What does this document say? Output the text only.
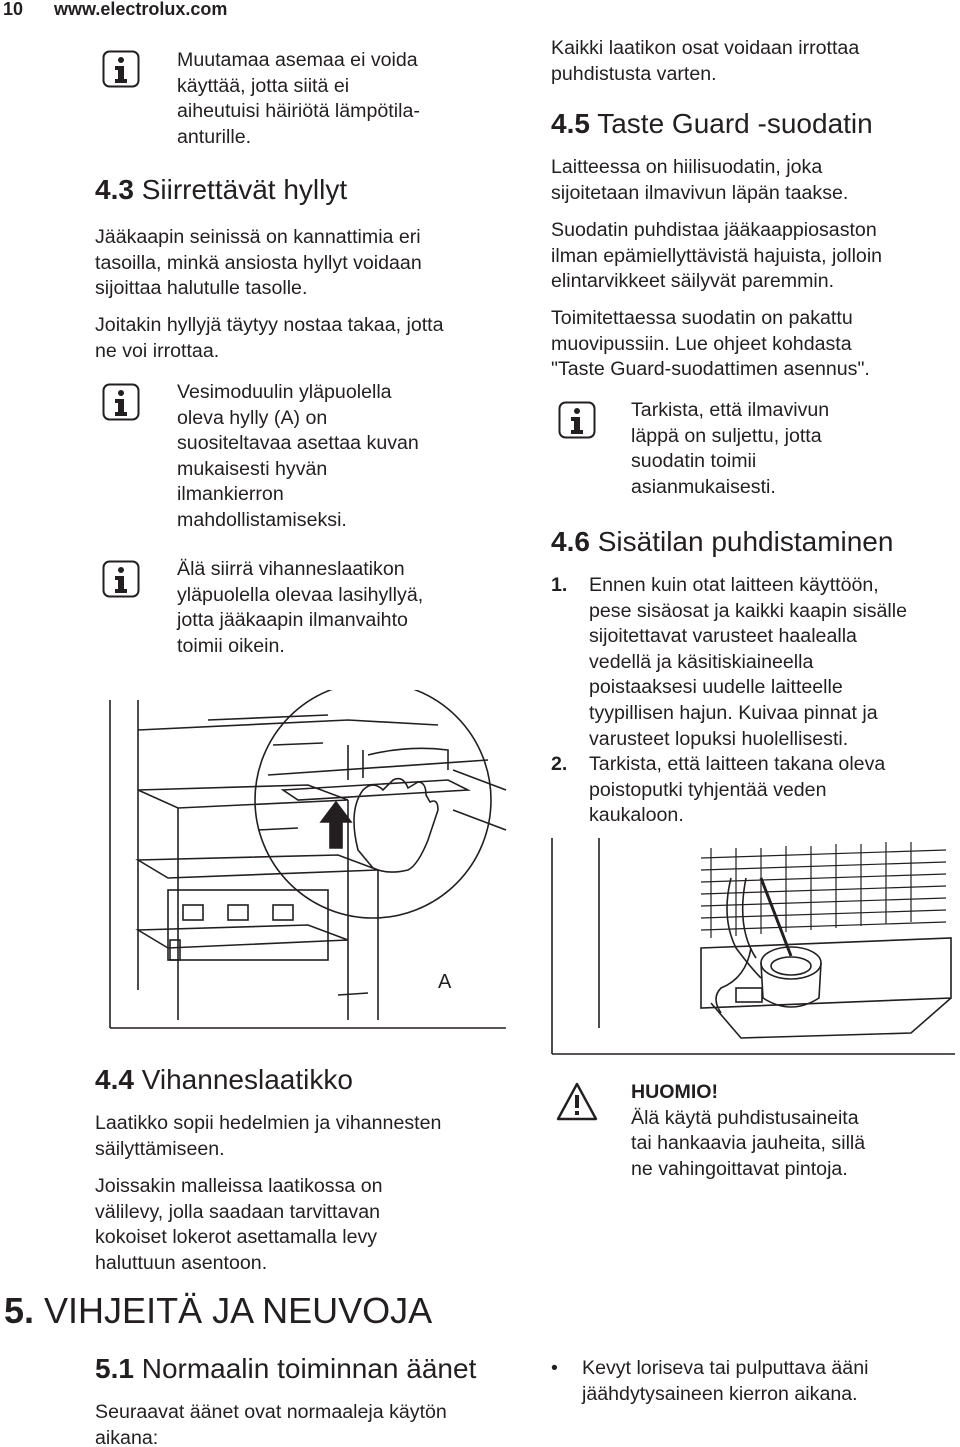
10 www.electrolux.com
Muutamaa asemaa ei voida
käyttää, jotta siitä ei
aiheutuisi häiriötä lämpötila-
anturille.
4.3 Siirrettävät hyllyt
Jääkaapin seinissä on kannattimia eri
tasoilla, minkä ansiosta hyllyt voidaan
sijoittaa halutulle tasolle.
Joitakin hyllyjä täytyy nostaa takaa, jotta
ne voi irrottaa.
Vesimoduulin yläpuolella
oleva hylly (A) on
suositeltavaa asettaa kuvan
mukaisesti hyvän
ilmankierron
mahdollistamiseksi.
Älä siirrä vihanneslaatikon
yläpuolella olevaa lasihyllyä,
jotta jääkaapin ilmanvaihto
toimii oikein.
A
4.4 Vihanneslaatikko
Laatikko sopii hedelmien ja vihannesten
säilyttämiseen.
Joissakin malleissa laatikossa on
välilevy, jolla saadaan tarvittavan
kokoiset lokerot asettamalla levy
haluttuun asentoon.
5. VIHJEITÄ JA NEUVOJA
5.1 Normaalin toiminnan äänet
Seuraavat äänet ovat normaaleja käytön
aikana:
Kaikki laatikon osat voidaan irrottaa
puhdistusta varten.
4.5 Taste Guard -suodatin
Laitteessa on hiilisuodatin, joka
sijoitetaan ilmavivun läpän taakse.
Suodatin puhdistaa jääkaappiosaston
ilman epämiellyttävistä hajuista, jolloin
elintarvikkeet säilyvät paremmin.
Toimitettaessa suodatin on pakattu
muovipussiin. Lue ohjeet kohdasta
"Taste Guard-suodattimen asennus".
Tarkista, että ilmavivun
läppä on suljettu, jotta
suodatin toimii
asianmukaisesti.
4.6 Sisätilan puhdistaminen
1. Ennen kuin otat laitteen käyttöön,
pese sisäosat ja kaikki kaapin sisälle
sijoitettavat varusteet haalealla
vedellä ja käsitiskiaineella
poistaaksesi uudelle laitteelle
tyypillisen hajun. Kuivaa pinnat ja
varusteet lopuksi huolellisesti.
2. Tarkista, että laitteen takana oleva
poistoputki tyhjentää veden
kaukaloon.
HUOMIO!
Älä käytä puhdistusaineita
tai hankaavia jauheita, sillä
ne vahingoittavat pintoja.
• Kevyt loriseva tai pulputtava ääni
jäähdytysaineen kierron aikana.
